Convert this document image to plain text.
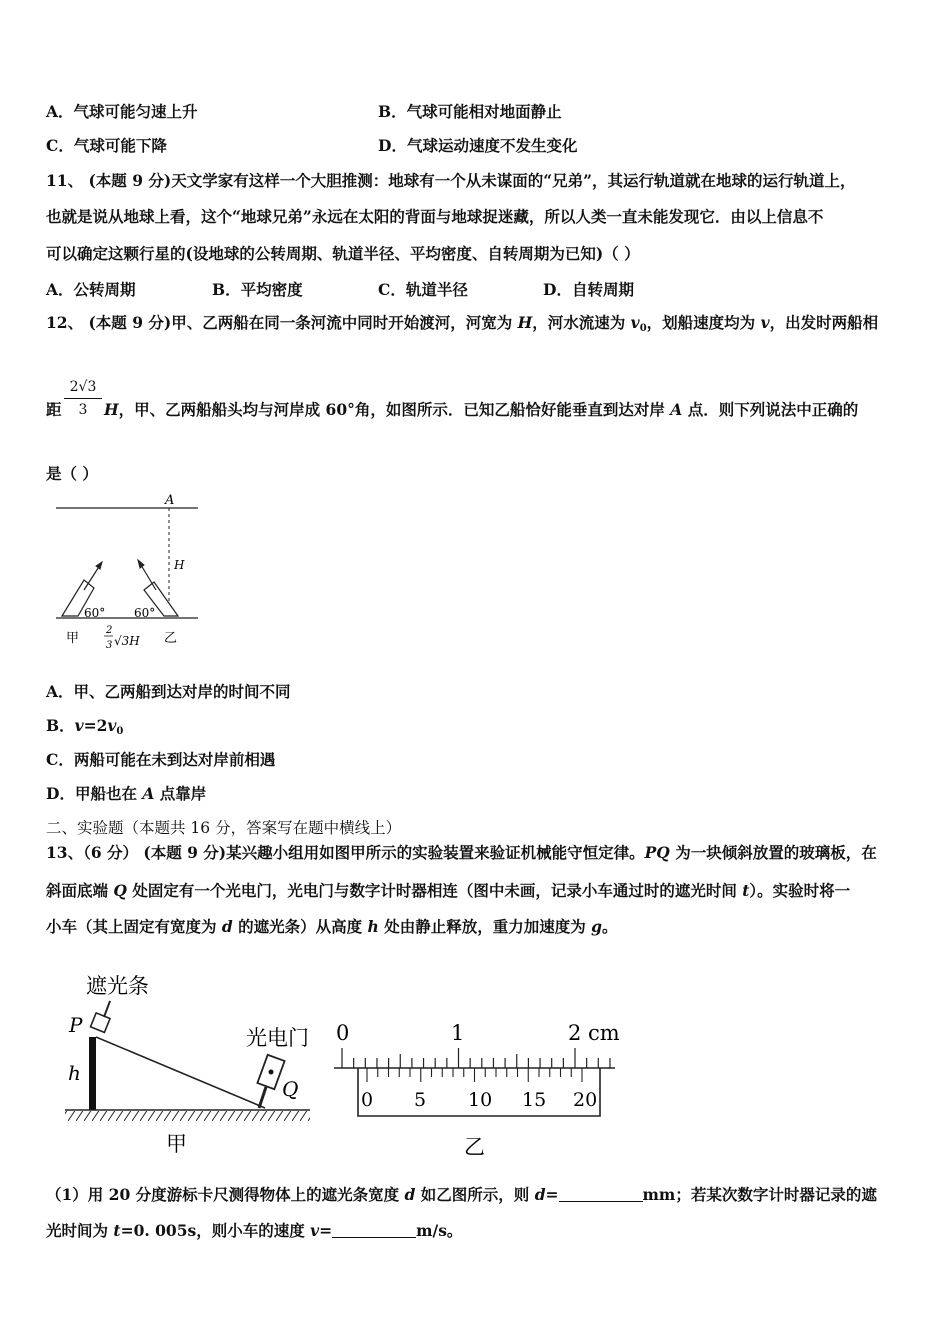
A．气球可能匀速上升	B．气球可能相对地面静止
C．气球可能下降	D．气球运动速度不发生变化
11、 (本题 9 分)天文学家有这样一个大胆推测：地球有一个从未谋面的“兄弟”，其运行轨道就在地球的运行轨道上，
也就是说从地球上看，这个“地球兄弟”永远在太阳的背面与地球捉迷藏，所以人类一直未能发现它．由以上信息不
可以确定这颗行星的(设地球的公转周期、轨道半径、平均密度、自转周期为已知)（ ）
A．公转周期	B．平均密度	C．轨道半径	D．自转周期
12、 (本题 9 分)甲、乙两船在同一条河流中同时开始渡河，河宽为 H，河水流速为 $v_0$，划船速度均为 v，出发时两船相
距 $\frac{2√3}{3}$ H，甲、乙两船船头均与河岸成 60°角，如图所示．已知乙船恰好能垂直到达对岸 A 点．则下列说法中正确的
是（ ）
A
H
60° 60°
甲	乙
2
3 √3H
A．甲、乙两船到达对岸的时间不同
B．$v=2v_0$
C．两船可能在未到达对岸前相遇
D．甲船也在 A 点靠岸
二、实验题（本题共 16 分，答案写在题中横线上）
13、（6 分） (本题 9 分)某兴趣小组用如图甲所示的实验装置来验证机械能守恒定律。PQ 为一块倾斜放置的玻璃板，在
斜面底端 Q 处固定有一个光电门，光电门与数字计时器相连（图中未画，记录小车通过时的遮光时间 t）。实验时将一
小车（其上固定有宽度为 d 的遮光条）从高度 h 处由静止释放，重力加速度为 g。
遮光条
P
h
光电门
Q
甲
0	1	2 cm
0 5 10 15 20
乙
（1）用 20 分度游标卡尺测得物体上的遮光条宽度 d 如乙图所示，则 d=	mm；若某次数字计时器记录的遮
光时间为 t=0. 005s，则小车的速度 v=	m/s。
